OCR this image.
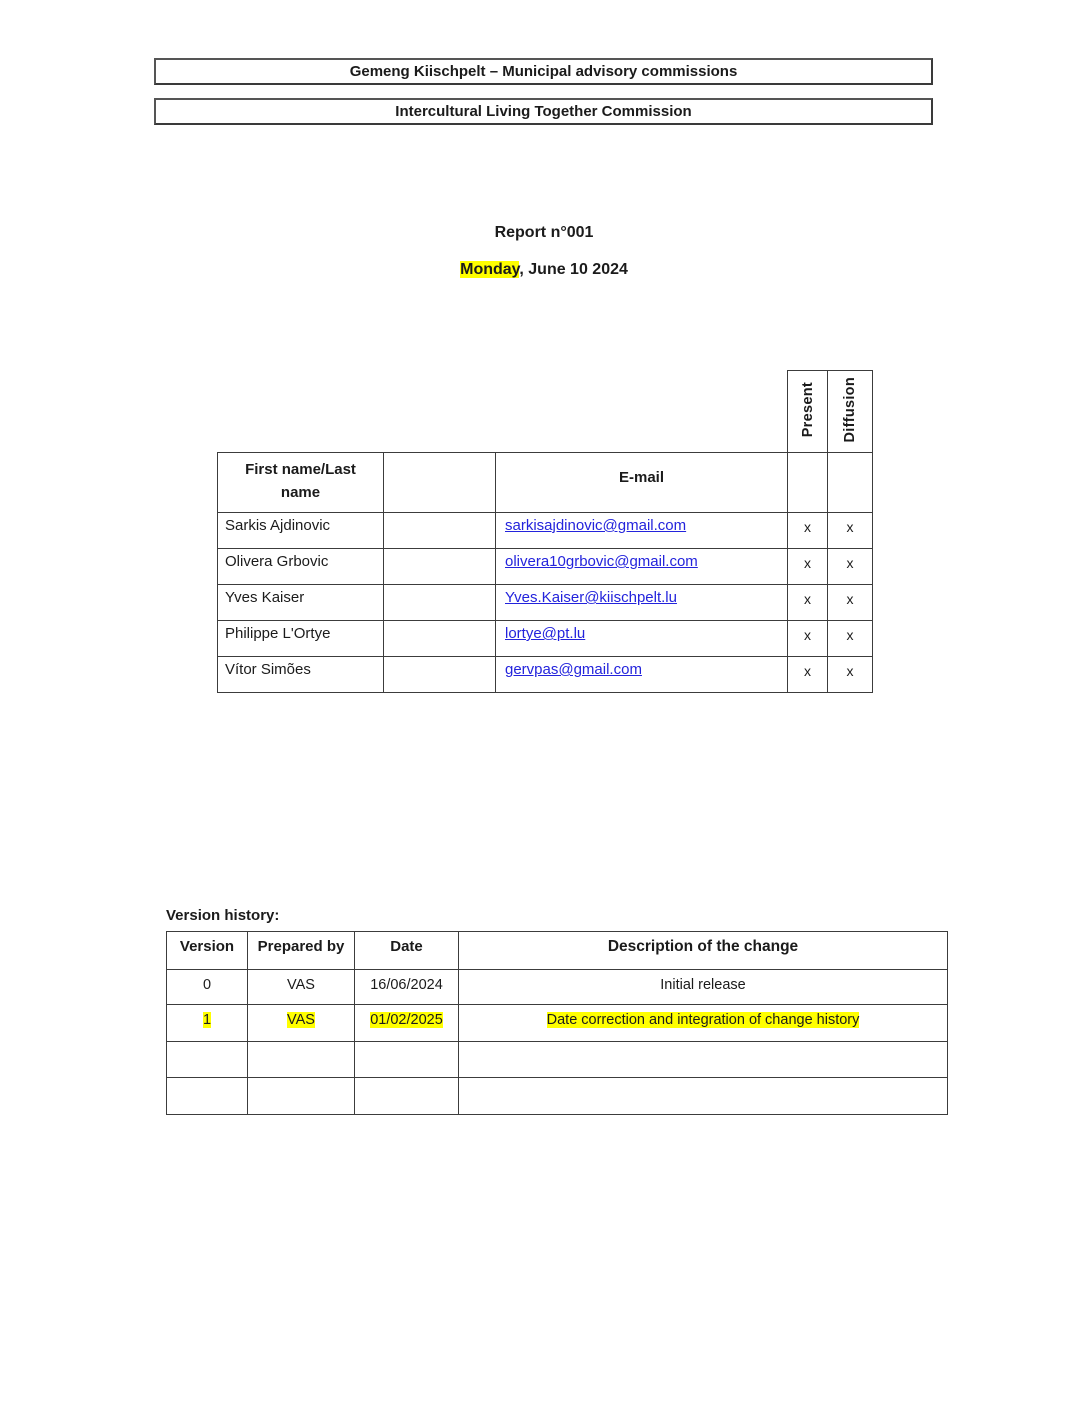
Gemeng Kiischpelt – Municipal advisory commissions
Intercultural Living Together Commission
Report n°001
Monday, June 10 2024
			Present	Diffusion
First name/Last name		E-mail		
Sarkis Ajdinovic		sarkisajdinovic@gmail.com	x	x
Olivera Grbovic		olivera10grbovic@gmail.com	x	x
Yves Kaiser		Yves.Kaiser@kiischpelt.lu	x	x
Philippe L'Ortye		lortye@pt.lu	x	x
Vítor Simões		gervpas@gmail.com	x	x
Version history:
Version	Prepared by	Date	Description of the change
0	VAS	16/06/2024	Initial release
1	VAS	01/02/2025	Date correction and integration of change history
